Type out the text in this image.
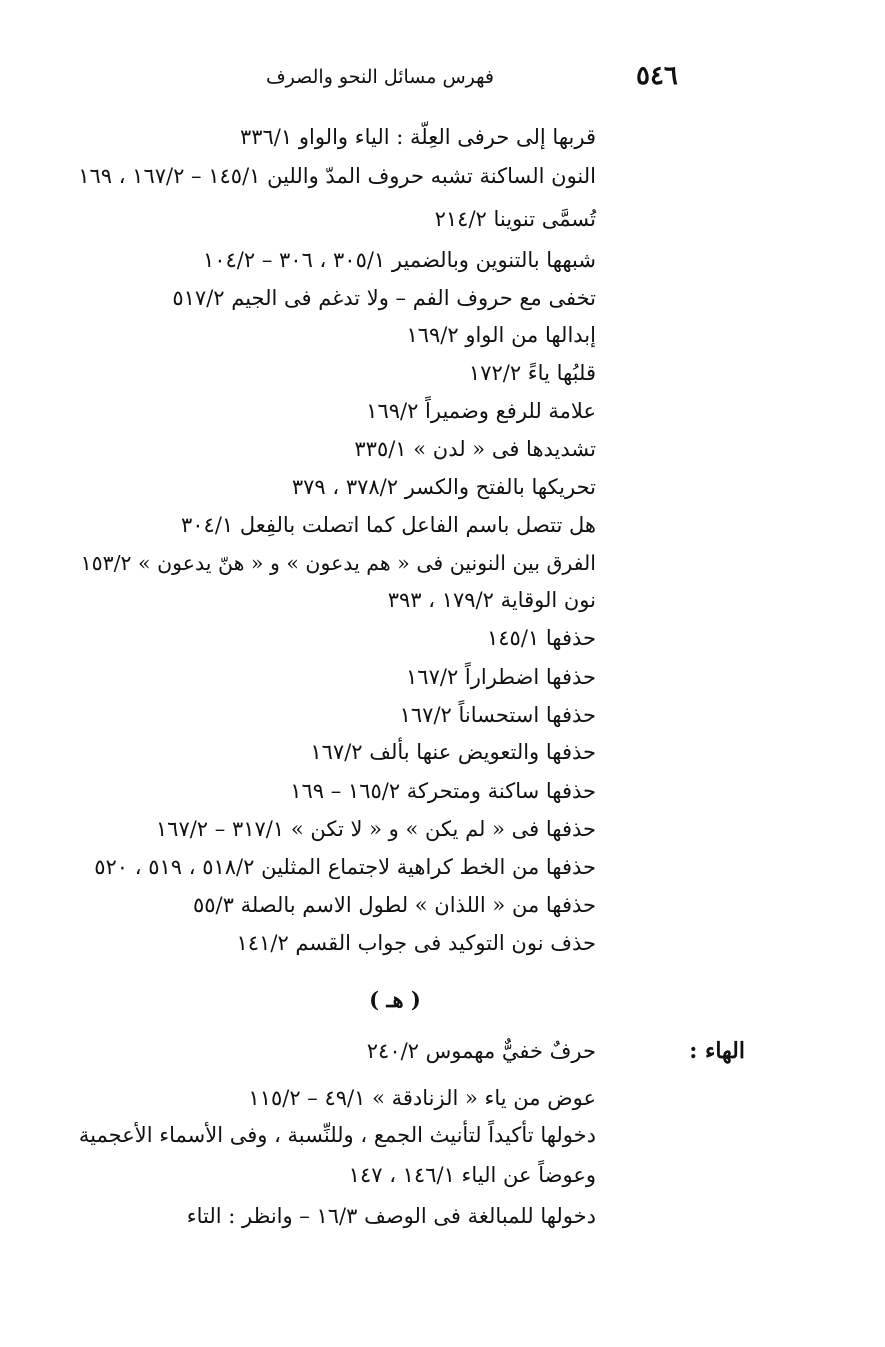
٥٤٦
فهرس مسائل النحو والصرف
قربها إلى حرفى العِلّة : الياء والواو ٣٣٦/١
النون الساكنة تشبه حروف المدّ واللين ١٤٥/١ – ١٦٧/٢ ، ١٦٩
تُسمَّى تنوينا ٢١٤/٢
شبهها بالتنوين وبالضمير ٣٠٥/١ ، ٣٠٦ – ١٠٤/٢
تخفى مع حروف الفم – ولا تدغم فى الجيم ٥١٧/٢
إبدالها من الواو ١٦٩/٢
قلبُها ياءً ١٧٢/٢
علامة للرفع وضميراً ١٦٩/٢
تشديدها فى « لدن » ٣٣٥/١
تحريكها بالفتح والكسر ٣٧٨/٢ ، ٣٧٩
هل تتصل باسم الفاعل كما اتصلت بالفِعل ٣٠٤/١
الفرق بين النونين فى « هم يدعون » و « هنّ يدعون » ١٥٣/٢
نون الوقاية ١٧٩/٢ ، ٣٩٣
حذفها ١٤٥/١
حذفها اضطراراً ١٦٧/٢
حذفها استحساناً ١٦٧/٢
حذفها والتعويض عنها بألف ١٦٧/٢
حذفها ساكنة ومتحركة ١٦٥/٢ – ١٦٩
حذفها فى « لم يكن » و « لا تكن » ٣١٧/١ – ١٦٧/٢
حذفها من الخط كراهية لاجتماع المثلين ٥١٨/٢ ، ٥١٩ ، ٥٢٠
حذفها من « اللذان » لطول الاسم بالصلة ٥٥/٣
حذف نون التوكيد فى جواب القسم ١٤١/٢
( هـ )
الهاء :
حرفٌ خفيٌّ مهموس ٢٤٠/٢
عوض من ياء « الزنادقة » ٤٩/١ – ١١٥/٢
دخولها تأكيداً لتأنيث الجمع ، وللنِّسبة ، وفى الأسماء الأعجمية
وعوضاً عن الياء ١٤٦/١ ، ١٤٧
دخولها للمبالغة فى الوصف ١٦/٣ – وانظر : التاء
